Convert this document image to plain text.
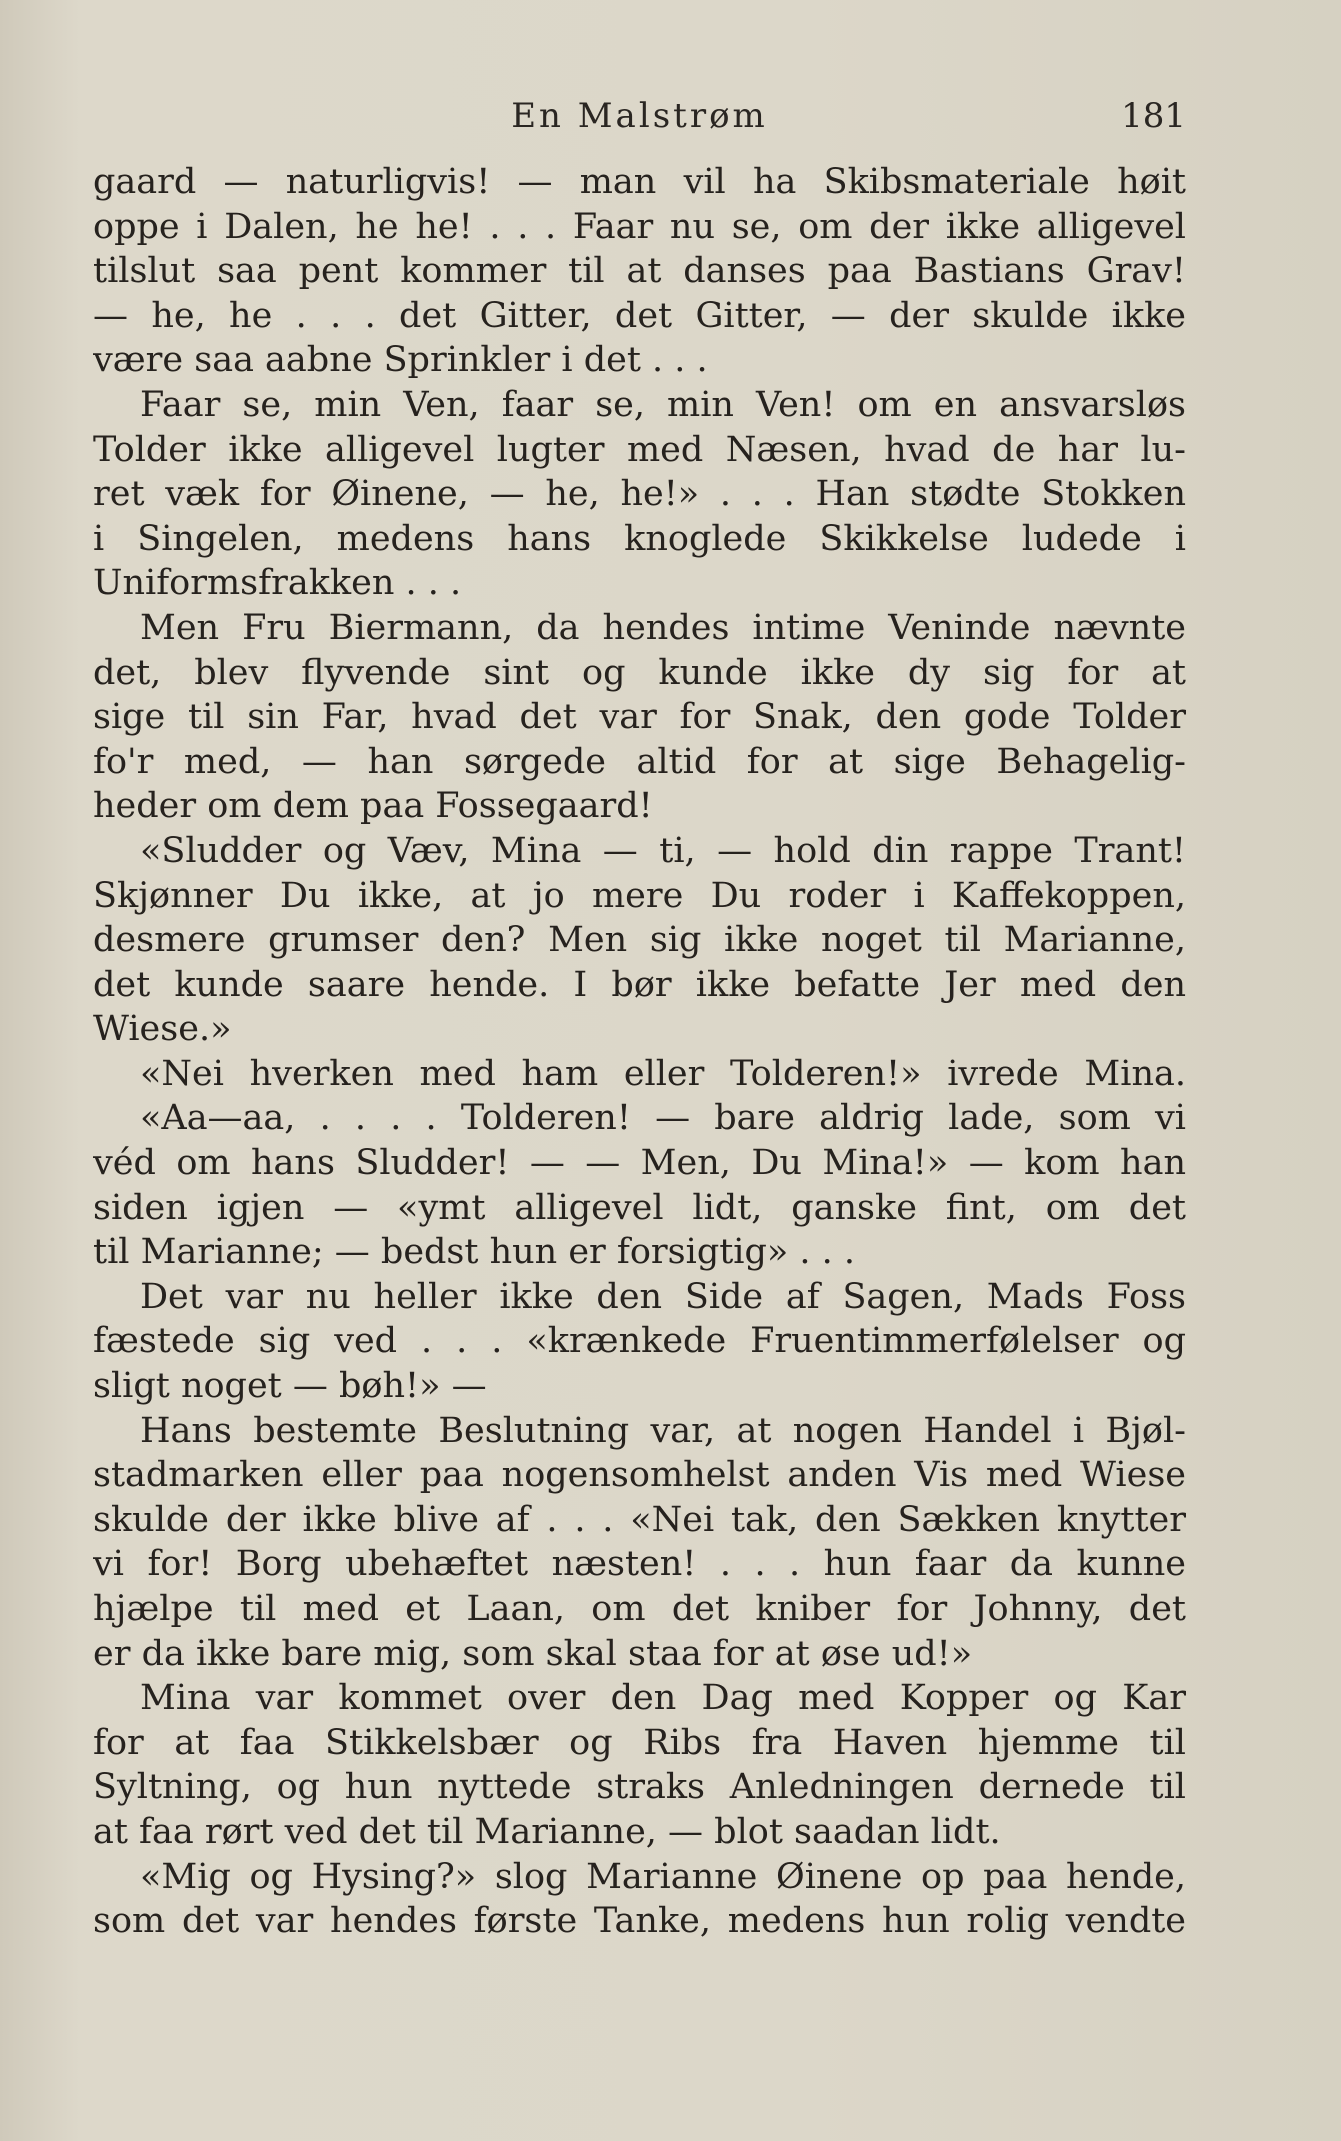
En Malstrøm	181
gaard — naturligvis! — man vil ha Skibsmateriale høit
oppe i Dalen, he he! . . . Faar nu se, om der ikke alligevel
tilslut saa pent kommer til at danses paa Bastians Grav!
— he, he . . . det Gitter, det Gitter, — der skulde ikke
være saa aabne Sprinkler i det . . .
Faar se, min Ven, faar se, min Ven! om en ansvarsløs
Tolder ikke alligevel lugter med Næsen, hvad de har lu-
ret væk for Øinene, — he, he!» . . . Han stødte Stokken
i Singelen, medens hans knoglede Skikkelse ludede i
Uniformsfrakken . . .
Men Fru Biermann, da hendes intime Veninde nævnte
det, blev flyvende sint og kunde ikke dy sig for at
sige til sin Far, hvad det var for Snak, den gode Tolder
fo'r med, — han sørgede altid for at sige Behagelig-
heder om dem paa Fossegaard!
«Sludder og Væv, Mina — ti, — hold din rappe Trant!
Skjønner Du ikke, at jo mere Du roder i Kaffekoppen,
desmere grumser den? Men sig ikke noget til Marianne,
det kunde saare hende. I bør ikke befatte Jer med den
Wiese.»
«Nei hverken med ham eller Tolderen!» ivrede Mina.
«Aa—aa, . . . . Tolderen! — bare aldrig lade, som vi
véd om hans Sludder! — — Men, Du Mina!» — kom han
siden igjen — «ymt alligevel lidt, ganske fint, om det
til Marianne; — bedst hun er forsigtig» . . .
Det var nu heller ikke den Side af Sagen, Mads Foss
fæstede sig ved . . . «krænkede Fruentimmerfølelser og
sligt noget — bøh!» —
Hans bestemte Beslutning var, at nogen Handel i Bjøl-
stadmarken eller paa nogensomhelst anden Vis med Wiese
skulde der ikke blive af . . . «Nei tak, den Sækken knytter
vi for! Borg ubehæftet næsten! . . . hun faar da kunne
hjælpe til med et Laan, om det kniber for Johnny, det
er da ikke bare mig, som skal staa for at øse ud!»
Mina var kommet over den Dag med Kopper og Kar
for at faa Stikkelsbær og Ribs fra Haven hjemme til
Syltning, og hun nyttede straks Anledningen dernede til
at faa rørt ved det til Marianne, — blot saadan lidt.
«Mig og Hysing?» slog Marianne Øinene op paa hende,
som det var hendes første Tanke, medens hun rolig vendte
